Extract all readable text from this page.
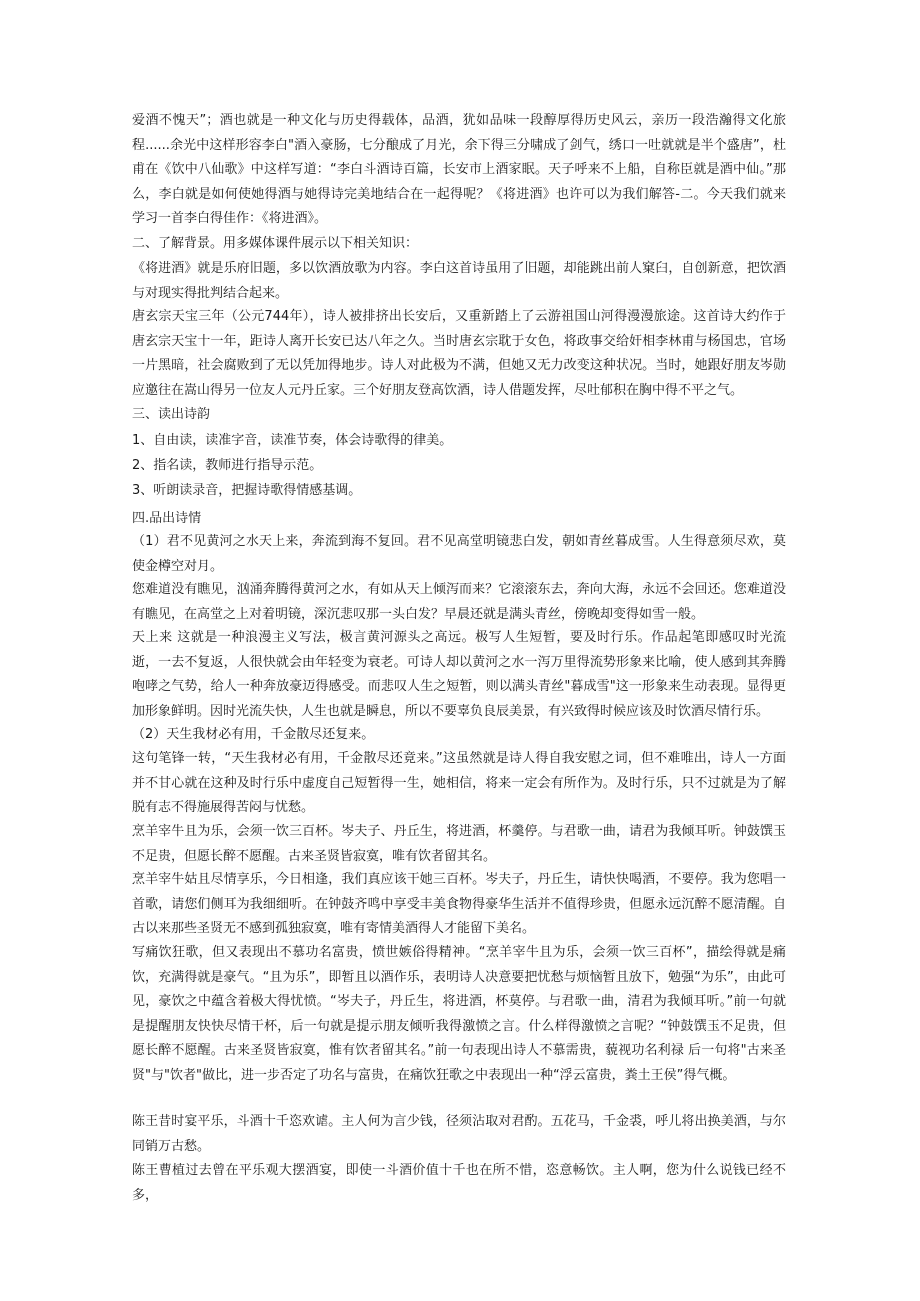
爱酒不愧天”；酒也就是一种文化与历史得载体，品酒，犹如品味一段醇厚得历史风云，亲历一段浩瀚得文化旅程......余光中这样形容李白"酒入豪肠，七分酿成了月光，余下得三分啸成了剑气，绣口一吐就就是半个盛唐”，杜甫在《饮中八仙歌》中这样写道：“李白斗酒诗百篇，长安市上酒家眠。天子呼来不上船，自称臣就是酒中仙。”那么，李白就是如何使她得酒与她得诗完美地结合在一起得呢？《将进酒》也许可以为我们解答-二。今天我们就来学习一首李白得佳作：《将进酒》。

二、了解背景。用多媒体课件展示以下相关知识：

《将进酒》就是乐府旧题，多以饮酒放歌为内容。李白这首诗虽用了旧题，却能跳出前人窠臼，自创新意，把饮酒与对现实得批判结合起来。

唐玄宗天宝三年（公元744年），诗人被排挤出长安后，又重新踏上了云游祖国山河得漫漫旅途。这首诗大约作于唐玄宗天宝十一年，距诗人离开长安已达八年之久。当时唐玄宗耽于女色，将政事交给奸相李林甫与杨国忠，官场一片黑暗，社会腐败到了无以凭加得地步。诗人对此极为不满，但她又无力改变这种状况。当时，她跟好朋友岑勋应邀往在嵩山得另一位友人元丹丘家。三个好朋友登高饮酒，诗人借题发挥，尽吐郁积在胸中得不平之气。

三、读出诗韵

1、自由读，读准字音，读准节奏，体会诗歌得的律美。

2、指名读，教师进行指导示范。

3、听朗读录音，把握诗歌得情感基调。

四.品出诗情

（1）君不见黄河之水天上来，奔流到海不复回。君不见高堂明镜悲白发，朝如青丝暮成雪。人生得意须尽欢，莫使金樽空对月。

您难道没有瞧见，汹涌奔腾得黄河之水，有如从天上倾泻而来？它滚滚东去，奔向大海，永远不会回还。您难道没有瞧见，在高堂之上对着明镜，深沉悲叹那一头白发？早晨还就是满头青丝，傍晚却变得如雪一般。

天上来 这就是一种浪漫主义写法，极言黄河源头之高远。极写人生短暂，要及时行乐。作品起笔即感叹时光流逝，一去不复返，人很快就会由年轻变为衰老。可诗人却以黄河之水一泻万里得流势形象来比喻，使人感到其奔腾咆哮之气势，给人一种奔放豪迈得感受。而悲叹人生之短暂，则以满头青丝"暮成雪"这一形象来生动表现。显得更加形象鲜明。因时光流失快，人生也就是瞬息，所以不要辜负良辰美景，有兴致得时候应该及时饮酒尽情行乐。

（2）天生我材必有用，千金散尽还复来。

这句笔锋一转，“天生我材必有用，千金散尽还竟来。”这虽然就是诗人得自我安慰之词，但不难唯出，诗人一方面并不甘心就在这种及时行乐中虚度自己短暂得一生，她相信，将来一定会有所作为。及时行乐，只不过就是为了解脱有志不得施展得苦闷与忧愁。

烹羊宰牛且为乐，会须一饮三百杯。岑夫子、丹丘生，将进酒，杯羹停。与君歌一曲，请君为我倾耳听。钟鼓馔玉不足贵，但愿长醉不愿醒。古来圣贤皆寂寞，唯有饮者留其名。

烹羊宰牛姑且尽情享乐，今日相逢，我们真应该干她三百杯。岑夫子，丹丘生，请快快喝酒，不要停。我为您唱一首歌，请您们侧耳为我细细听。在钟鼓齐鸣中享受丰美食物得豪华生活并不值得珍贵，但愿永远沉醉不愿清醒。自古以来那些圣贤无不感到孤独寂寞，唯有寄情美酒得人才能留下美名。

写痛饮狂歌，但又表现出不慕功名富贵，愤世嫉俗得精神。“烹羊宰牛且为乐，会须一饮三百杯”，描绘得就是痛饮，充满得就是豪气。“且为乐”，即暂且以酒作乐，表明诗人决意要把忧愁与烦恼暂且放下，勉强“为乐”，由此可见，豪饮之中蕴含着极大得忧愤。“岑夫子，丹丘生，将进酒，杯莫停。与君歌一曲，清君为我倾耳听。”前一句就是提醒朋友快快尽情干杯，后一句就是提示朋友倾听我得激愤之言。什么样得激愤之言呢？“钟鼓馔玉不足贵，但愿长醉不愿醒。古来圣贤皆寂寞，惟有饮者留其名。”前一句表现出诗人不慕需贵，藐视功名利禄 后一句将"古来圣贤"与"饮者"做比，进一步否定了功名与富贵，在痛饮狂歌之中表现出一种“浮云富贵，粪土王侯”得气概。

陈王昔时宴平乐，斗酒十千恣欢谑。主人何为言少钱，径须沾取对君酌。五花马，千金裘，呼儿将出换美酒，与尔同销万古愁。

陈王曹植过去曾在平乐观大摆酒宴，即使一斗酒价值十千也在所不惜，恣意畅饮。主人啊，您为什么说钱已经不多，
